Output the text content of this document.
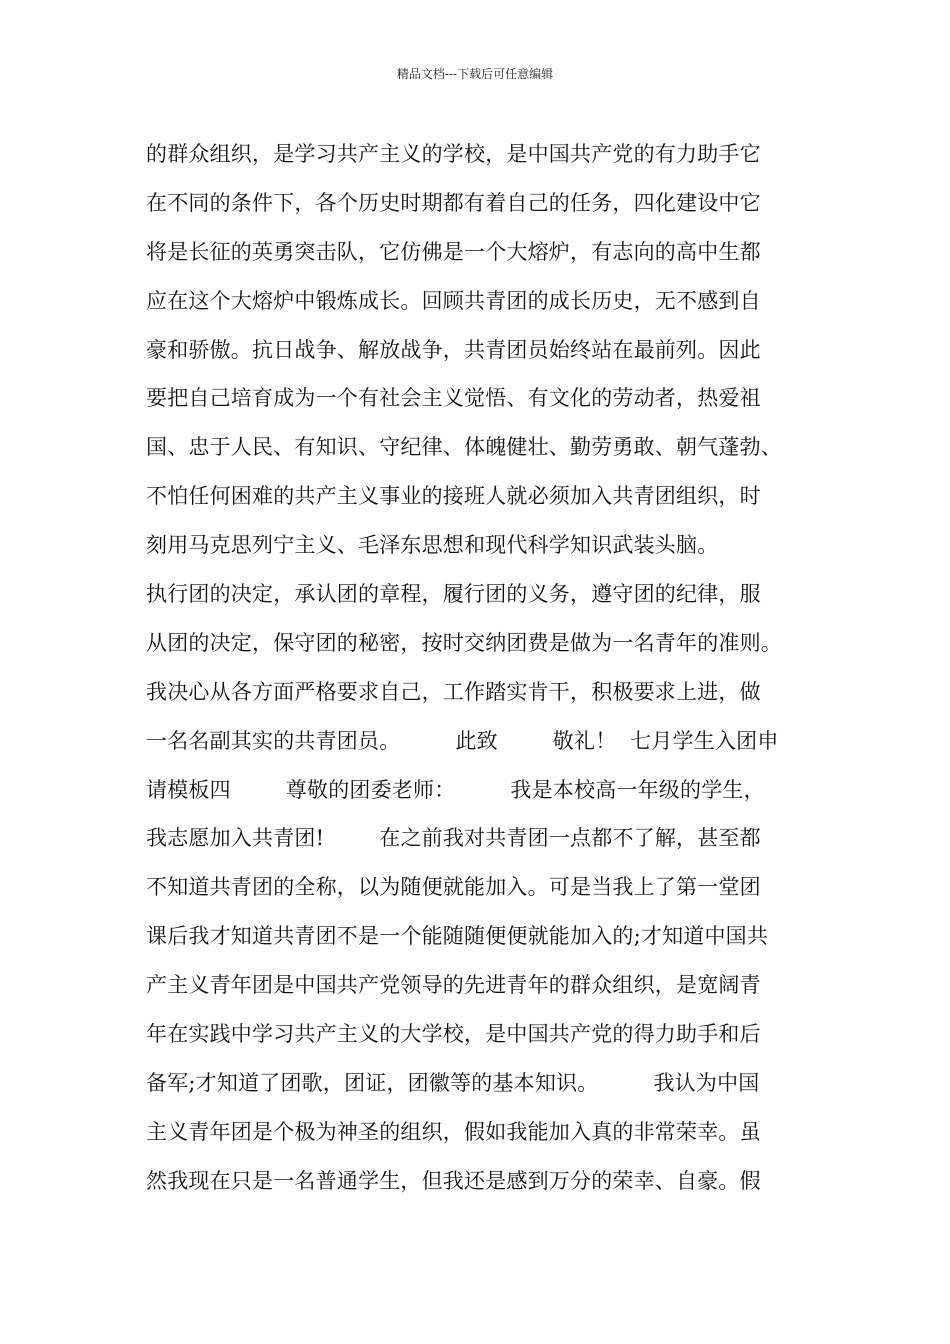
精品文档---下载后可任意编辑
的群众组织，是学习共产主义的学校，是中国共产党的有力助手它
在不同的条件下，各个历史时期都有着自己的任务，四化建设中它
将是长征的英勇突击队，它仿佛是一个大熔炉，有志向的高中生都
应在这个大熔炉中锻炼成长。回顾共青团的成长历史，无不感到自
豪和骄傲。抗日战争、解放战争，共青团员始终站在最前列。因此
要把自己培育成为一个有社会主义觉悟、有文化的劳动者，热爱祖
国、忠于人民、有知识、守纪律、体魄健壮、勤劳勇敢、朝气蓬勃、
不怕任何困难的共产主义事业的接班人就必须加入共青团组织，时
刻用马克思列宁主义、毛泽东思想和现代科学知识武装头脑。
执行团的决定，承认团的章程，履行团的义务，遵守团的纪律，服
从团的决定，保守团的秘密，按时交纳团费是做为一名青年的准则。
我决心从各方面严格要求自己，工作踏实肯干，积极要求上进，做
一名名副其实的共青团员。        此致        敬礼！  七月学生入团申
请模板四        尊敬的团委老师：        我是本校高一年级的学生，
我志愿加入共青团!        在之前我对共青团一点都不了解，甚至都
不知道共青团的全称，以为随便就能加入。可是当我上了第一堂团
课后我才知道共青团不是一个能随随便便就能加入的;才知道中国共
产主义青年团是中国共产党领导的先进青年的群众组织，是宽阔青
年在实践中学习共产主义的大学校，是中国共产党的得力助手和后
备军;才知道了团歌，团证，团徽等的基本知识。        我认为中国
主义青年团是个极为神圣的组织，假如我能加入真的非常荣幸。虽
然我现在只是一名普通学生，但我还是感到万分的荣幸、自豪。假
